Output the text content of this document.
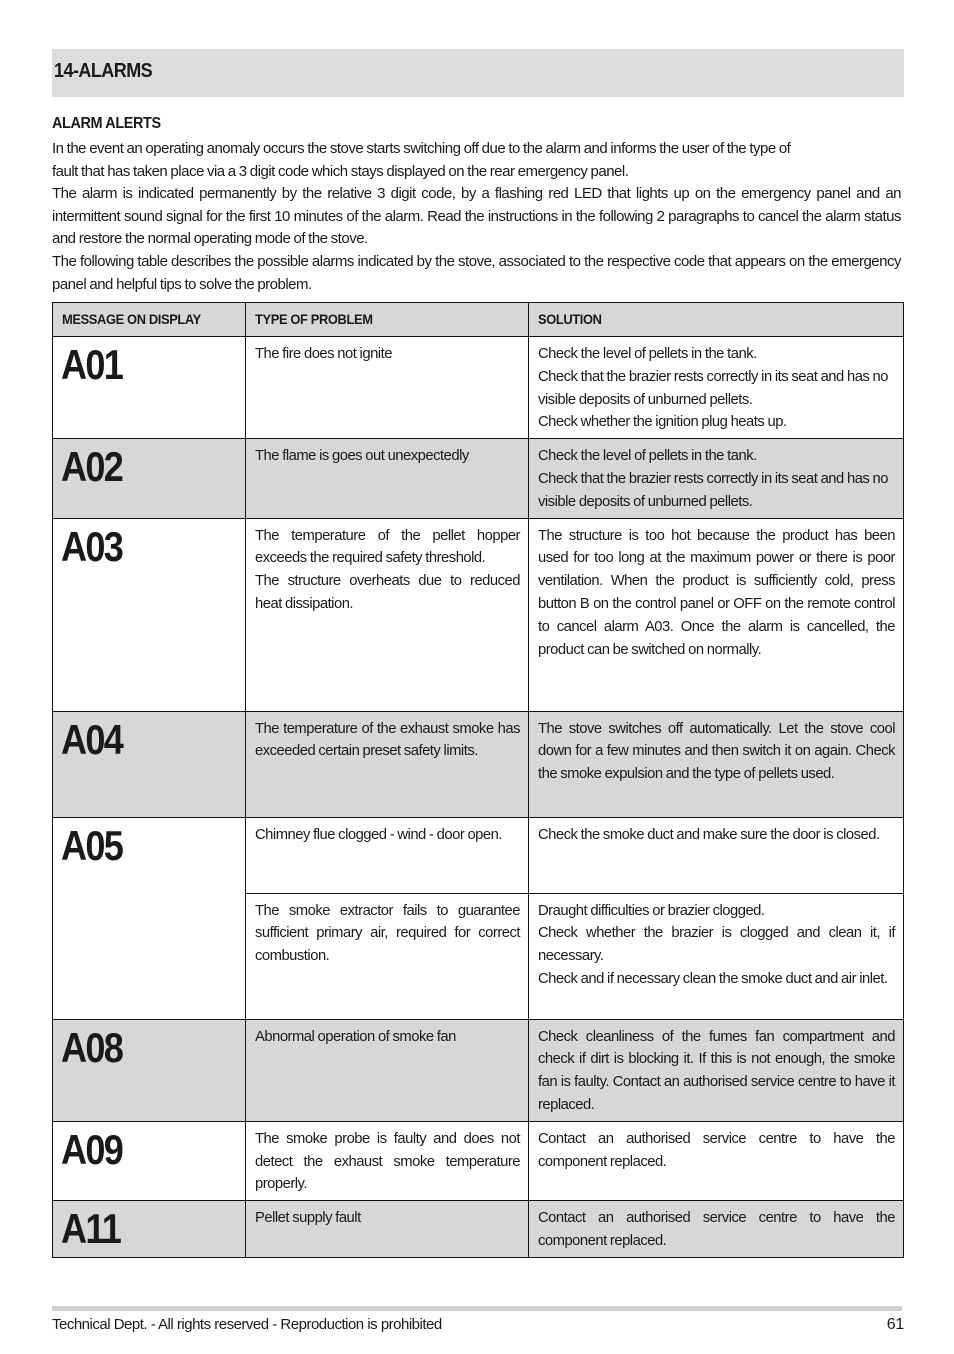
14-ALARMS
ALARM ALERTS

In the event an operating anomaly occurs the stove starts switching off due to the alarm and informs the user of the type of

fault that has taken place via a 3 digit code which stays displayed on the rear emergency panel.

The alarm is indicated permanently by the relative 3 digit code, by a flashing red LED that lights up on the emergency panel and an intermittent sound signal for the first 10 minutes of the alarm. Read the instructions in the following 2 paragraphs to cancel the alarm status and restore the normal operating mode of the stove.

The following table describes the possible alarms indicated by the stove, associated to the respective code that appears on the emergency panel and helpful tips to solve the problem.

MESSAGE ON DISPLAY	TYPE OF PROBLEM	SOLUTION
A01	The fire does not ignite	Check the level of pellets in the tank.

Check that the brazier rests correctly in its seat and has no visible deposits of unburned pellets.

Check whether the ignition plug heats up.

A02	The flame is goes out unexpectedly	Check the level of pellets in the tank.

Check that the brazier rests correctly in its seat and has no visible deposits of unburned pellets.

A03	The temperature of the pellet hopper exceeds the required safety threshold.

The structure overheats due to reduced heat dissipation.	The structure is too hot because the product has been used for too long at the maximum power or there is poor ventilation. When the product is sufficiently cold, press button B on the control panel or OFF on the remote control to cancel alarm A03. Once the alarm is cancelled, the product can be switched on normally.

A04	The temperature of the exhaust smoke has exceeded certain preset safety limits.	The stove switches off automatically. Let the stove cool down for a few minutes and then switch it on again. Check the smoke expulsion and the type of pellets used.

A05	Chimney flue clogged - wind - door open.	Check the smoke duct and make sure the door is closed.

	The smoke extractor fails to guarantee sufficient primary air, required for correct combustion.	Draught difficulties or brazier clogged.

Check whether the brazier is clogged and clean it, if necessary.

Check and if necessary clean the smoke duct and air inlet.

A08	Abnormal operation of smoke fan	Check cleanliness of the fumes fan compartment and check if dirt is blocking it. If this is not enough, the smoke fan is faulty. Contact an authorised service centre to have it replaced.

A09	The smoke probe is faulty and does not detect the exhaust smoke temperature properly.	Contact an authorised service centre to have the component replaced.

A11	Pellet supply fault	Contact an authorised service centre to have the component replaced.

Technical Dept. - All rights reserved - Reproduction is prohibited	61
